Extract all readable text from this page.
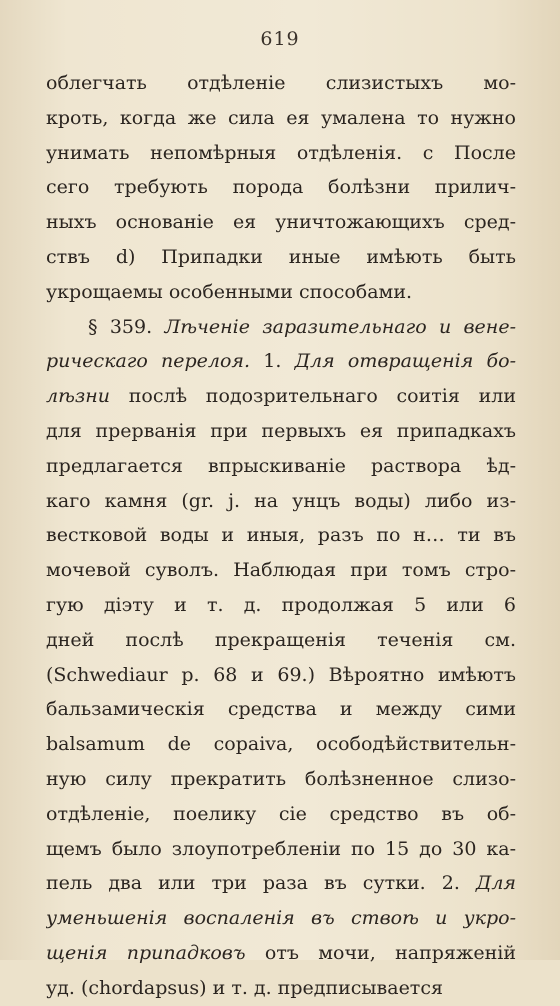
619
облегчать отдѣленіе слизистыхъ мо-
кроть, когда же сила ея умалена то нужно
унимать непомѣрныя отдѣленія. с После
сего требують порода болѣзни прилич-
ныхъ основаніе ея уничтожающихъ сред-
ствъ d) Припадки иные имѣють быть
укрощаемы особенными способами.
§ 359. Лѣченіе заразительнаго и вене-
рическаго перелоя. 1. Для отвращенія бо-
лѣзни послѣ подозрительнаго соитія или
для прерванія при первыхъ ея припадкахъ
предлагается впрыскиваніе раствора ѣд-
каго камня (gr. j. на унцъ воды) либо из-
вестковой воды и иныя, разъ по н… ти въ
мочевой суволъ. Наблюдая при томъ стро-
гую діэту и т. д. продолжая 5 или 6
дней послѣ прекращенія теченія см.
(Schwediaur p. 68 и 69.) Вѣроятно имѣютъ
бальзамическія средства и между сими
balsamum de copaiva, осободѣйствительн-
ную силу прекратить болѣзненное слизо-
отдѣленіе, поелику сіе средство въ об-
щемъ было злоупотребленіи по 15 до 30 ка-
пель два или три раза въ сутки. 2. Для
уменьшенія воспаленія въ ствоѣ и укро-
щенія припадковъ отъ мочи, напряженій
уд. (chordapsus) и т. д. предписывается
